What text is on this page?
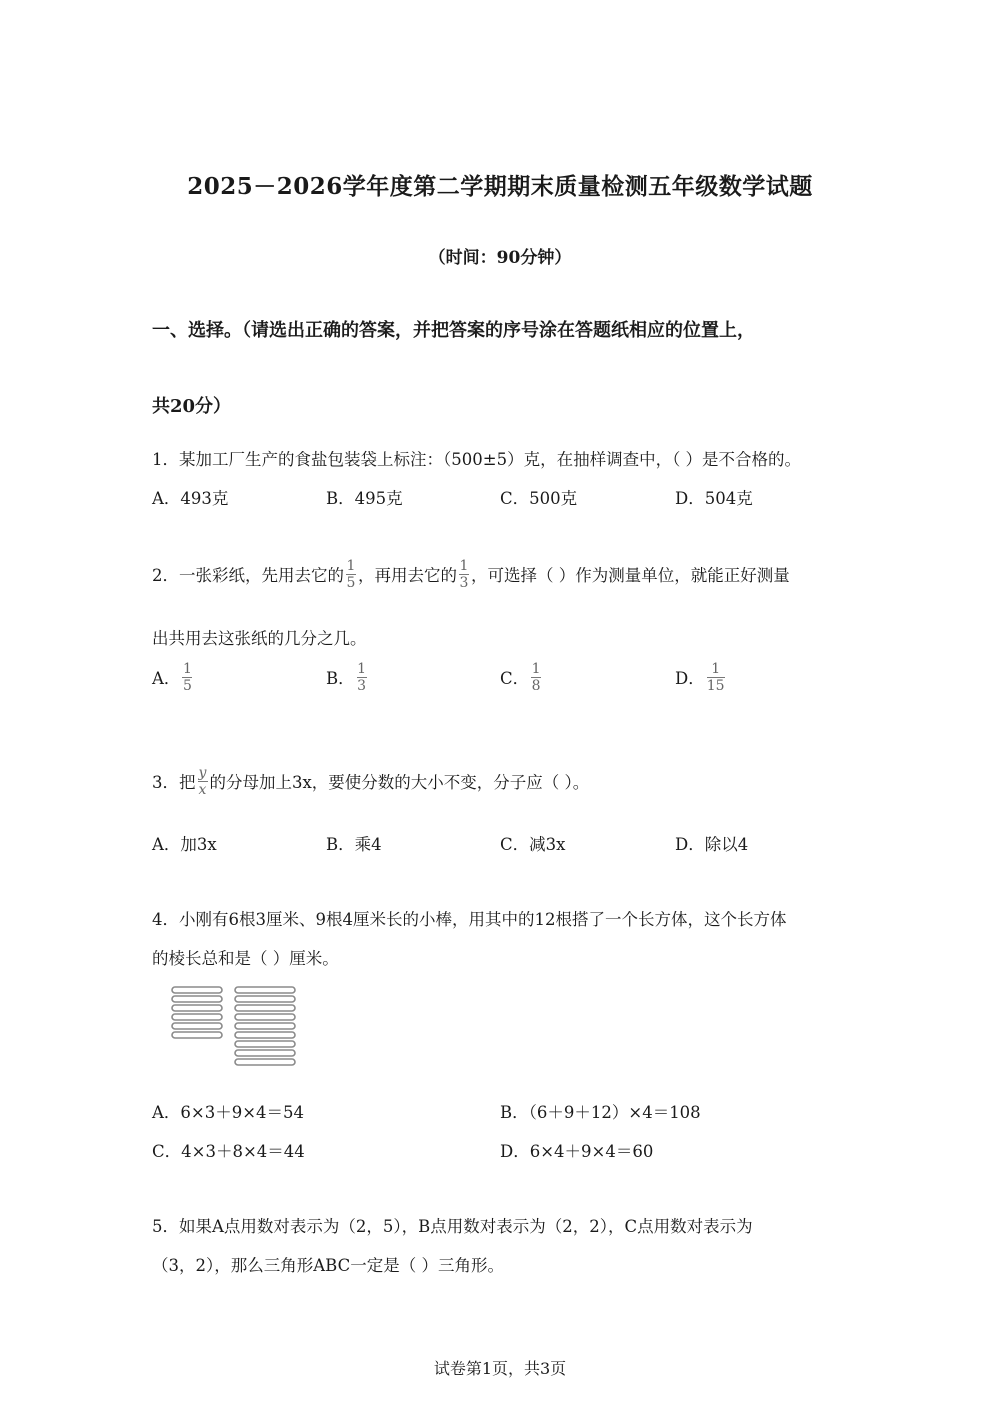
2025－2026学年度第二学期期末质量检测五年级数学试题
（时间：90分钟）
一、选择。（请选出正确的答案，并把答案的序号涂在答题纸相应的位置上，
共20分）
1．某加工厂生产的食盐包装袋上标注：（500±5）克，在抽样调查中，（ ）是不合格的。
A．493克	B．495克	C．500克	D．504克
2．一张彩纸，先用去它的 $\frac{1}{5}$ ，再用去它的 $\frac{1}{3}$ ，可选择（ ）作为测量单位，就能正好测量
出共用去这张纸的几分之几。
A． $\frac{1}{5}$	B． $\frac{1}{3}$	C． $\frac{1}{8}$	D． $\frac{1}{15}$
3．把 $\frac{y}{x}$ 的分母加上3x，要使分数的大小不变，分子应（ ）。
A．加3x	B．乘4	C．减3x	D．除以4
4．小刚有6根3厘米、9根4厘米长的小棒，用其中的12根搭了一个长方体，这个长方体
的棱长总和是（ ）厘米。
A．6×3＋9×4＝54	B．（6＋9＋12）×4＝108
C．4×3＋8×4＝44	D．6×4＋9×4＝60
5．如果A点用数对表示为（2，5），B点用数对表示为（2，2），C点用数对表示为
（3，2），那么三角形ABC一定是（ ）三角形。
试卷第1页，共3页
